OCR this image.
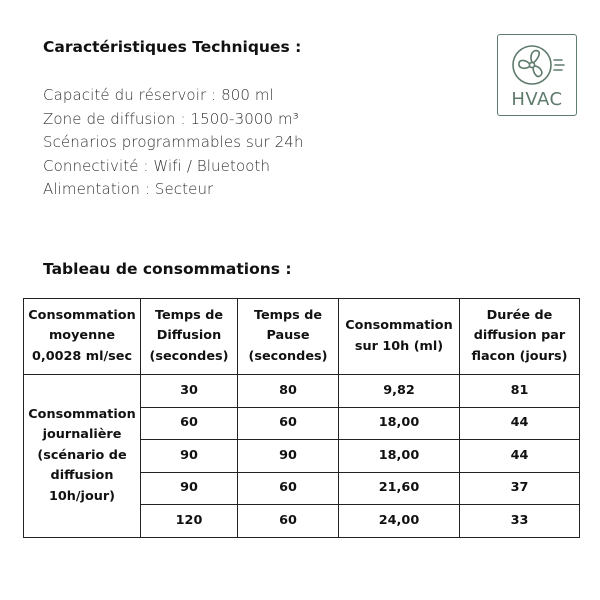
Caractéristiques Techniques :
Capacité du réservoir : 800 ml
Zone de diffusion : 1500-3000 m³
Scénarios programmables sur 24h
Connectivité : Wifi / Bluetooth
Alimentation : Secteur
HVAC
Tableau de consommations :
Consommation
moyenne
0,0028 ml/sec	Temps de
Diffusion
(secondes)	Temps de
Pause
(secondes)	Consommation
sur 10h (ml)	Durée de
diffusion par
flacon (jours)
Consommation
journalière
(scénario de
diffusion
10h/jour)	30	80	9,82	81
	60	60	18,00	44
	90	90	18,00	44
	90	60	21,60	37
	120	60	24,00	33
